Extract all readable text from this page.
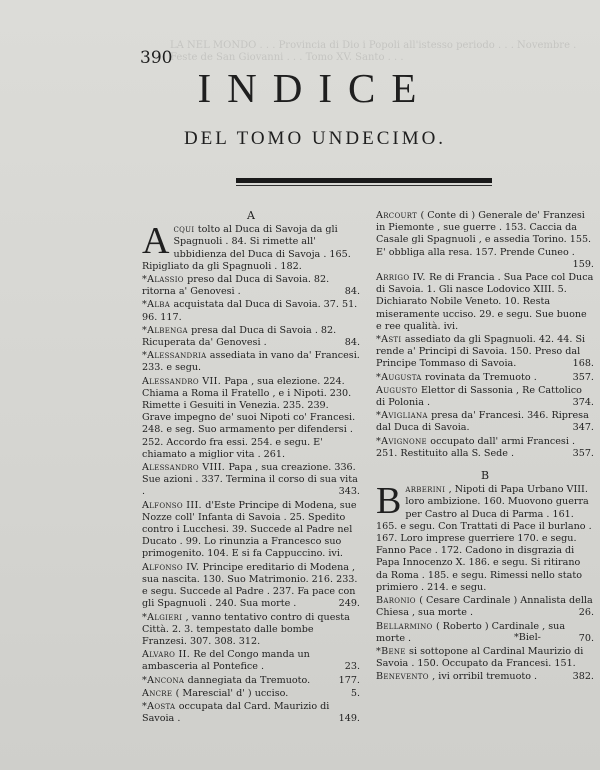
LA NEL MONDO . . . Provincia di Dio i Popoli all'istesso periodo . . . Novembre . Feste de San Giovanni . . . Tomo XV. Santo . . .
390
INDICE
DEL TOMO UNDECIMO.
A
Acqui tolto al Duca di Savoja da gli Spagnuoli . 84. Si rimette all' ubbidienza del Duca di Savoja . 165. Ripigliato da gli Spagnuoli . 182.
*Alassio preso dal Duca di Savoia. 82. ritorna a' Genovesi .	84.
*Alba acquistata dal Duca di Savoia. 37. 51. 96. 117.
*Albenga presa dal Duca di Savoia . 82. Ricuperata da' Genovesi .	84.
*Alessandria assediata in vano da' Francesi. 233. e segu.
Alessandro VII. Papa , sua elezione. 224. Chiama a Roma il Fratello , e i Nipoti. 230. Rimette i Gesuiti in Venezia. 235. 239. Grave impegno de' suoi Nipoti co' Francesi. 248. e seg. Suo armamento per difendersi . 252. Accordo fra essi. 254. e segu. E' chiamato a miglior vita . 261.
Alessandro VIII. Papa , sua creazione. 336. Sue azioni . 337. Termina il corso di sua vita .	343.
Alfonso III. d'Este Principe di Modena, sue Nozze coll' Infanta di Savoia . 25. Spedito contro i Lucchesi. 39. Succede al Padre nel Ducato . 99. Lo rinunzia a Francesco suo primogenito. 104. E si fa Cappuccino. ivi.
Alfonso IV. Principe ereditario di Modena , sua nascita. 130. Suo Matrimonio. 216. 233. e segu. Succede al Padre . 237. Fa pace con gli Spagnuoli . 240. Sua morte .	249.
*Algieri , vanno tentativo contro di questa Città. 2. 3. tempestato dalle bombe Franzesi. 307. 308. 312.
Alvaro II. Re del Congo manda un ambasceria al Pontefice .	23.
*Ancona dannegiata da Tremuoto.	177.
Ancre ( Marescial' d' ) ucciso.	5.
*Aosta occupata dal Card. Maurizio di Savoia .	149.
Arcourt ( Conte di ) Generale de' Franzesi in Piemonte , sue guerre . 153. Caccia da Casale gli Spagnuoli , e assedia Torino. 155. E' obbliga alla resa. 157. Prende Cuneo .
159.
Arrigo IV. Re di Francia . Sua Pace col Duca di Savoia. 1. Gli nasce Lodovico XIII. 5. Dichiarato Nobile Veneto. 10. Resta miseramente ucciso. 29. e segu. Sue buone e ree qualità. ivi.
*Asti assediato da gli Spagnuoli. 42. 44. Si rende a' Principi di Savoia. 150. Preso dal Principe Tommaso di Savoia.	168.
*Augusta rovinata da Tremuoto .	357.
Augusto Elettor di Sassonia , Re Cattolico di Polonia .	374.
*Avigliana presa da' Francesi. 346. Ripresa dal Duca di Savoia.	347.
*Avignone occupato dall' armi Francesi . 251. Restituito alla S. Sede .	357.
B
Barberini , Nipoti di Papa Urbano VIII. loro ambizione. 160. Muovono guerra per Castro al Duca di Parma . 161. 165. e segu. Con Trattati di Pace il burlano . 167. Loro imprese guerriere 170. e segu. Fanno Pace . 172. Cadono in disgrazia di Papa Innocenzo X. 186. e segu. Si ritirano da Roma . 185. e segu. Rimessi nello stato primiero . 214. e segu.
Baronio ( Cesare Cardinale ) Annalista della Chiesa , sua morte .	26.
Bellarmino ( Roberto ) Cardinale , sua morte .	70.
*Bene si sottopone al Cardinal Maurizio di Savoia . 150. Occupato da Francesi. 151.
Benevento , ivi orribil tremuoto .	382.
*Biel-
